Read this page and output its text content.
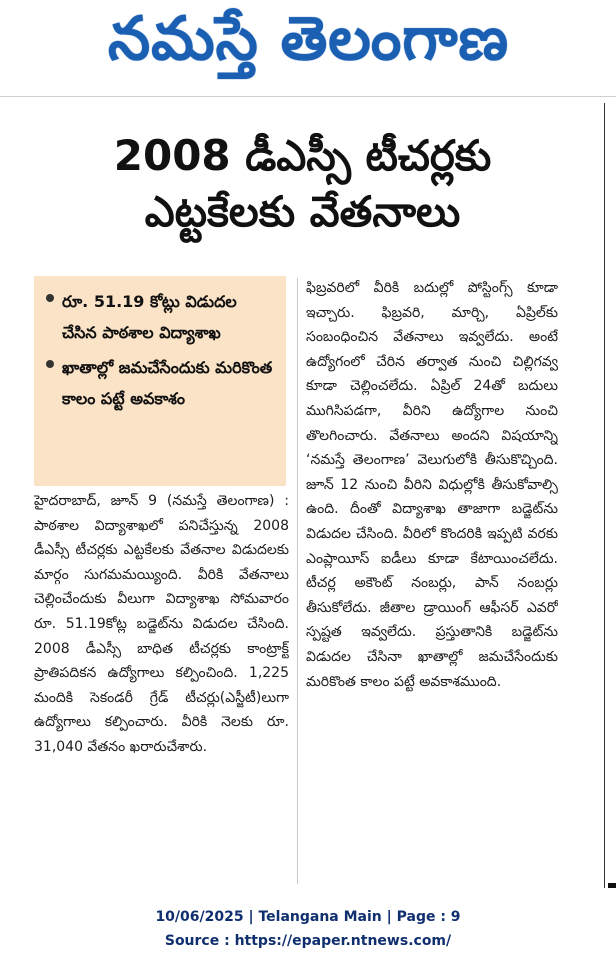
నమస్తే తెలంగాణ
2008 డీఎస్సీ టీచర్లకు
ఎట్టకేలకు వేతనాలు
రూ. 51.19 కోట్లు విడుదల చేసిన పాఠశాల విద్యాశాఖ
ఖాతాల్లో జమచేసేందుకు మరికొంత కాలం పట్టే అవకాశం
హైదరాబాద్, జూన్ 9 (నమస్తే తెలంగాణ) : పాఠశాల విద్యాశాఖలో పనిచేస్తున్న 2008 డీఎస్సీ టీచర్లకు ఎట్టకేలకు వేతనాల విడుదలకు మార్గం సుగమమయ్యింది. వీరికి వేతనాలు చెల్లించేందుకు వీలుగా విద్యాశాఖ సోమవారం రూ. 51.19కోట్ల బడ్జెట్‌ను విడుదల చేసింది. 2008 డీఎస్సీ బాధిత టీచర్లకు కాంట్రాక్ట్ ప్రాతిపదికన ఉద్యోగాలు కల్పించింది. 1,225 మందికి సెకండరీ గ్రేడ్ టీచర్లు(ఎస్జీటీ)లుగా ఉద్యోగాలు కల్పించారు. వీరికి నెలకు రూ. 31,040 వేతనం ఖరారుచేశారు.
ఫిబ్రవరిలో వీరికి బదుల్లో పోస్టింగ్స్ కూడా ఇచ్చారు. ఫిబ్రవరి, మార్చి, ఏప్రిల్‌కు సంబంధించిన వేతనాలు ఇవ్వలేదు. అంటే ఉద్యోగంలో చేరిన తర్వాత నుంచి చిల్లిగవ్వ కూడా చెల్లించలేదు. ఏప్రిల్ 24తో బదులు ముగిసిపడగా, వీరిని ఉద్యోగాల నుంచి తొలగించారు. వేతనాలు అందని విషయాన్ని ‘నమస్తే తెలంగాణ’ వెలుగులోకి తీసుకొచ్చింది. జూన్ 12 నుంచి వీరిని విధుల్లోకి తీసుకోవాల్సి ఉంది. దీంతో విద్యాశాఖ తాజాగా బడ్జెట్‌ను విడుదల చేసింది. వీరిలో కొందరికి ఇప్పటి వరకు ఎంప్లాయీస్ ఐడీలు కూడా కేటాయించలేదు. టీచర్ల అకౌంట్ నంబర్లు, పాన్ నంబర్లు తీసుకోలేదు. జీతాల డ్రాయింగ్ ఆఫీసర్ ఎవరో స్పష్టత ఇవ్వలేదు. ప్రస్తుతానికి బడ్జెట్‌ను విడుదల చేసినా ఖాతాల్లో జమచేసేందుకు మరికొంత కాలం పట్టే అవకాశముంది.
10/06/2025 | Telangana Main | Page : 9
Source : https://epaper.ntnews.com/
